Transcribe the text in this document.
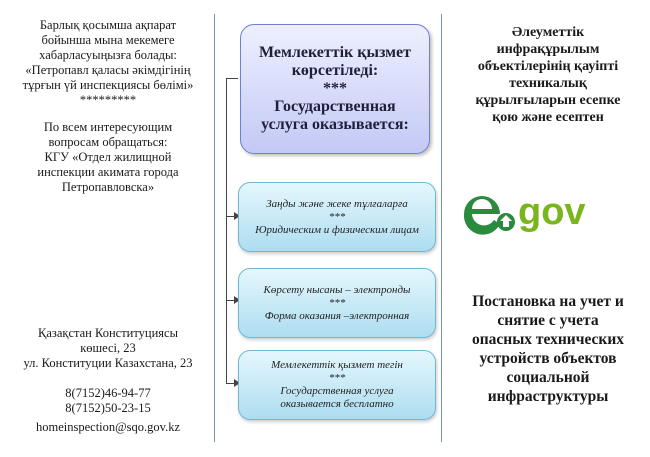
Барлық қосымша ақпарат

бойынша мына мекемеге

хабарласуыңызға болады:

«Петропавл қаласы әкімдігінің

тұрғын үй инспекциясы бөлімі»

*********

По всем интересующим

вопросам обращаться:

КГУ «Отдел жилищной

инспекции акимата города

Петропавловска»

Қазақстан Конституциясы

көшесі, 23

ул. Конституции Казахстана, 23

8(7152)46-94-77

8(7152)50-23-15

homeinspection@sqo.gov.kz

Мемлекеттік қызмет
көрсетіледі:
***
Государственная
услуга оказывается:

Заңды және жеке тұлғаларға

***

Юридическим и физическим лицам

Көрсету нысаны – электронды

***

Форма оказания –электронная

Мемлекеттік қызмет тегін

***

Государственная услуга

оказывается бесплатно

Әлеуметтік

инфрақұрылым

объектілерінің қауіпті

техникалық

құрылғыларын есепке

қою және есептен

gov

Постановка на учет и

снятие с учета

опасных технических

устройств объектов

социальной

инфраструктуры
